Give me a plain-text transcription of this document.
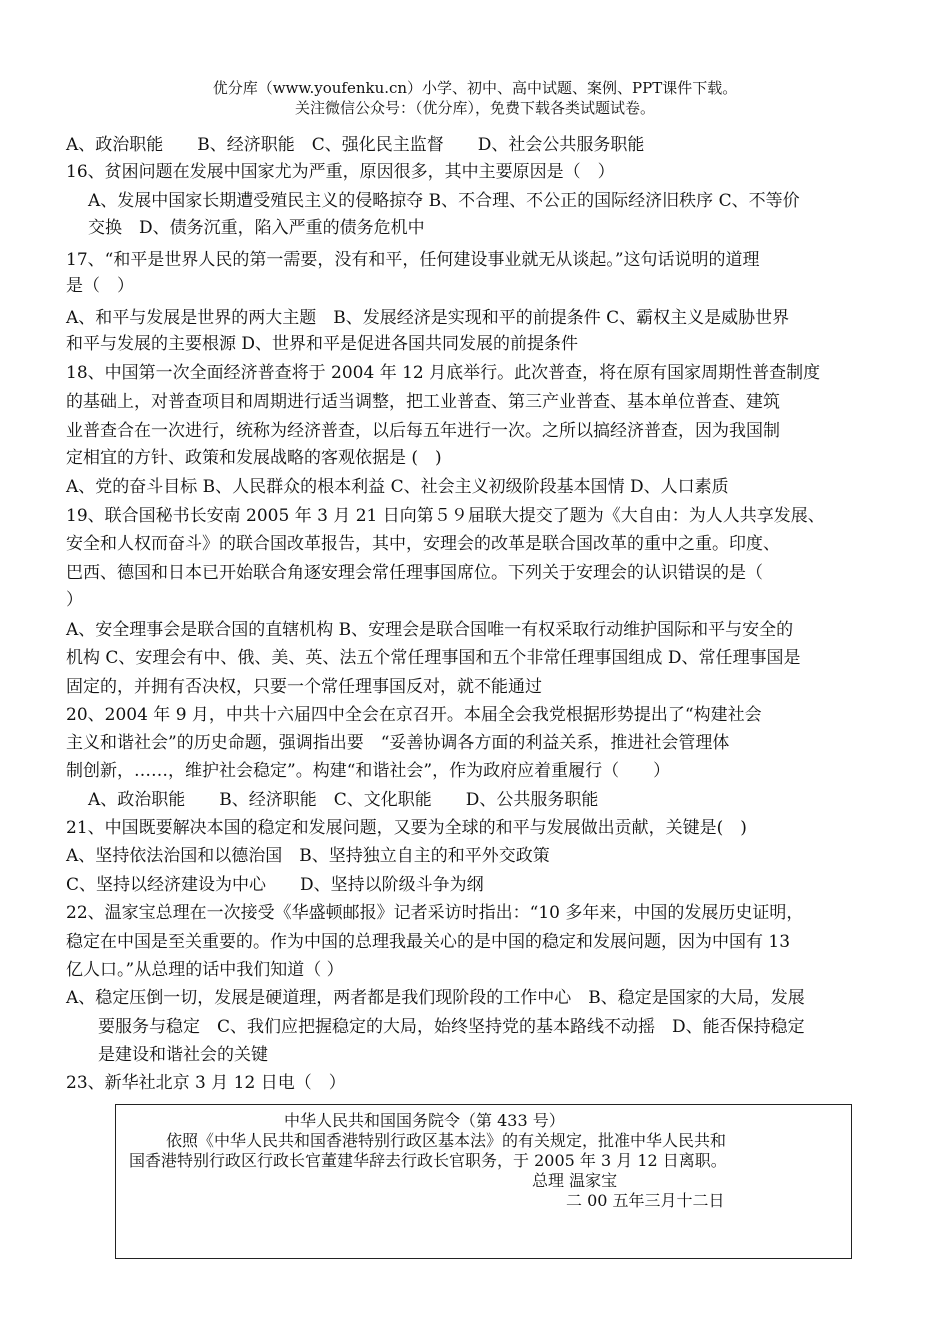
优分库（www.youfenku.cn）小学、初中、高中试题、案例、PPT课件下载。
关注微信公众号：（优分库），免费下载各类试题试卷。
A、政治职能　　B、经济职能　C、强化民主监督　　D、社会公共服务职能
16、贫困问题在发展中国家尤为严重，原因很多，其中主要原因是（　）
A、发展中国家长期遭受殖民主义的侵略掠夺 B、不合理、不公正的国际经济旧秩序 C、不等价
交换　D、债务沉重，陷入严重的债务危机中
17、“和平是世界人民的第一需要，没有和平，任何建设事业就无从谈起。”这句话说明的道理
是（　）
A、和平与发展是世界的两大主题　B、发展经济是实现和平的前提条件 C、霸权主义是威胁世界
和平与发展的主要根源 D、世界和平是促进各国共同发展的前提条件
18、中国第一次全面经济普查将于 2004 年 12 月底举行。此次普查，将在原有国家周期性普查制度
的基础上，对普查项目和周期进行适当调整，把工业普查、第三产业普查、基本单位普查、建筑
业普查合在一次进行，统称为经济普查，以后每五年进行一次。之所以搞经济普查，因为我国制
定相宜的方针、政策和发展战略的客观依据是 (　)
A、党的奋斗目标 B、人民群众的根本利益 C、社会主义初级阶段基本国情 D、人口素质
19、联合国秘书长安南 2005 年 3 月 21 日向第５９届联大提交了题为《大自由：为人人共享发展、
安全和人权而奋斗》的联合国改革报告，其中，安理会的改革是联合国改革的重中之重。印度、
巴西、德国和日本已开始联合角逐安理会常任理事国席位。下列关于安理会的认识错误的是（
）
A、安全理事会是联合国的直辖机构 B、安理会是联合国唯一有权采取行动维护国际和平与安全的
机构 C、安理会有中、俄、美、英、法五个常任理事国和五个非常任理事国组成 D、常任理事国是
固定的，并拥有否决权，只要一个常任理事国反对，就不能通过
20、2004 年 9 月，中共十六届四中全会在京召开。本届全会我党根据形势提出了“构建社会
主义和谐社会”的历史命题，强调指出要　“妥善协调各方面的利益关系，推进社会管理体
制创新，……，维护社会稳定”。构建“和谐社会”，作为政府应着重履行（　　）
A、政治职能　　B、经济职能　C、文化职能　　D、公共服务职能
21、中国既要解决本国的稳定和发展问题，又要为全球的和平与发展做出贡献，关键是(　)
A、坚持依法治国和以德治国　B、坚持独立自主的和平外交政策
C、坚持以经济建设为中心　　D、坚持以阶级斗争为纲
22、温家宝总理在一次接受《华盛顿邮报》记者采访时指出：“10 多年来，中国的发展历史证明，
稳定在中国是至关重要的。作为中国的总理我最关心的是中国的稳定和发展问题，因为中国有 13
亿人口。”从总理的话中我们知道（ ）
A、稳定压倒一切，发展是硬道理，两者都是我们现阶段的工作中心　B、稳定是国家的大局，发展
要服务与稳定　C、我们应把握稳定的大局，始终坚持党的基本路线不动摇　D、能否保持稳定
是建设和谐社会的关键
23、新华社北京 3 月 12 日电（　）
中华人民共和国国务院令（第 433 号）
依照《中华人民共和国香港特别行政区基本法》的有关规定，批准中华人民共和
国香港特别行政区行政长官董建华辞去行政长官职务，于 2005 年 3 月 12 日离职。
总理 温家宝
二 00 五年三月十二日
